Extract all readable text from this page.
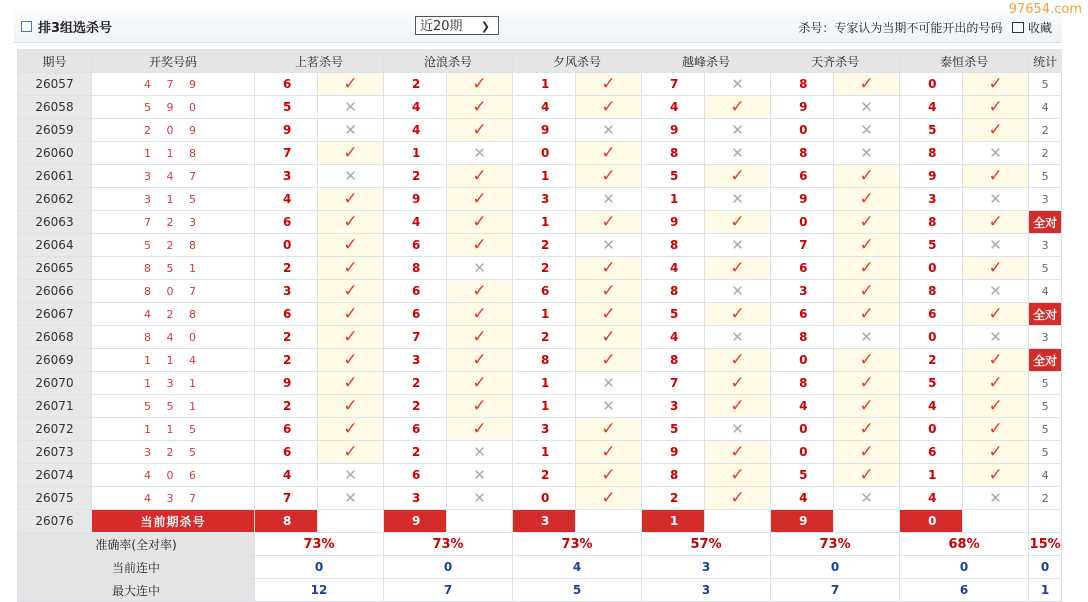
排3组选杀号	近20期 ❯	杀号：专家认为当期不可能开出的号码 收藏
97654.com
期号	开奖号码	上茗杀号		沧浪杀号		夕风杀号		越峰杀号		天齐杀号		泰恒杀号		统计
26057	4 7 9	6	✓	2	✓	1	✓	7	✕	8	✓	0	✓	5
26058	5 9 0	5	✕	4	✓	4	✓	4	✓	9	✕	4	✓	4
26059	2 0 9	9	✕	4	✓	9	✕	9	✕	0	✕	5	✓	2
26060	1 1 8	7	✓	1	✕	0	✓	8	✕	8	✕	8	✕	2
26061	3 4 7	3	✕	2	✓	1	✓	5	✓	6	✓	9	✓	5
26062	3 1 5	4	✓	9	✓	3	✕	1	✕	9	✓	3	✕	3
26063	7 2 3	6	✓	4	✓	1	✓	9	✓	0	✓	8	✓	全对
26064	5 2 8	0	✓	6	✓	2	✕	8	✕	7	✓	5	✕	3
26065	8 5 1	2	✓	8	✕	2	✓	4	✓	6	✓	0	✓	5
26066	8 0 7	3	✓	6	✓	6	✓	8	✕	3	✓	8	✕	4
26067	4 2 8	6	✓	6	✓	1	✓	5	✓	6	✓	6	✓	全对
26068	8 4 0	2	✓	7	✓	2	✓	4	✕	8	✕	0	✕	3
26069	1 1 4	2	✓	3	✓	8	✓	8	✓	0	✓	2	✓	全对
26070	1 3 1	9	✓	2	✓	1	✕	7	✓	8	✓	5	✓	5
26071	5 5 1	2	✓	2	✓	1	✕	3	✓	4	✓	4	✓	5
26072	1 1 5	6	✓	6	✓	3	✓	5	✕	0	✓	0	✓	5
26073	3 2 5	6	✓	2	✕	1	✓	9	✓	0	✓	6	✓	5
26074	4 0 6	4	✕	6	✕	2	✓	8	✓	5	✓	1	✓	4
26075	4 3 7	7	✕	3	✕	0	✓	2	✓	4	✕	4	✕	2
26076	当前期杀号	8		9		3		1		9		0		
准确率(全对率)		73%		73%		73%		57%		73%		68%		15%
当前连中		0		0		4		3		0		0		0
最大连中		12		7		5		3		7		6		1
